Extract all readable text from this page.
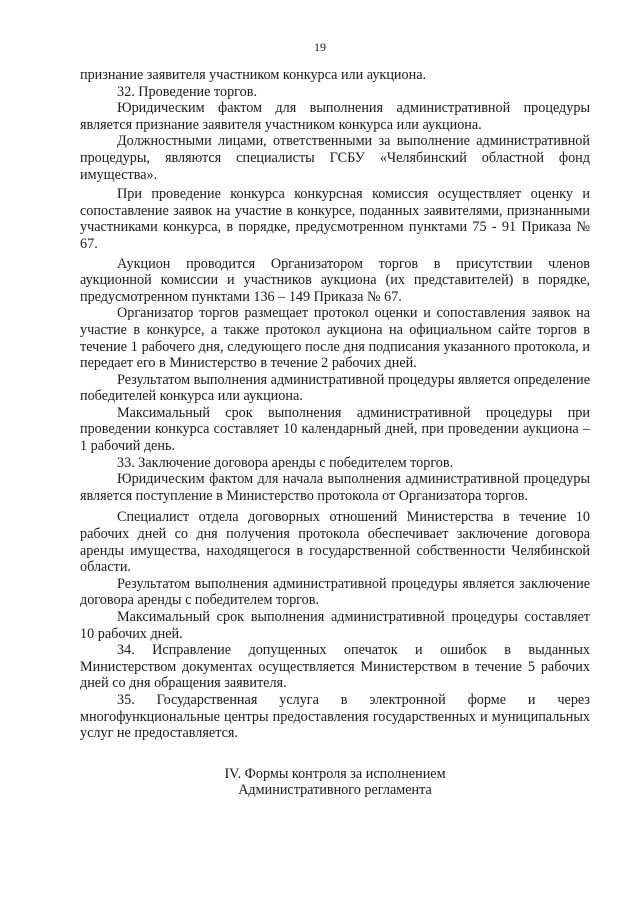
19

признание заявителя участником конкурса или аукциона.

32. Проведение торгов.

Юридическим фактом для выполнения административной процедуры является признание заявителя участником конкурса или аукциона.

Должностными лицами, ответственными за выполнение административной процедуры, являются специалисты ГСБУ «Челябинский областной фонд имущества».

При проведение конкурса конкурсная комиссия осуществляет оценку и сопоставление заявок на участие в конкурсе, поданных заявителями, признанными участниками конкурса, в порядке, предусмотренном пунктами 75 - 91 Приказа № 67.

Аукцион проводится Организатором торгов в присутствии членов аукционной комиссии и участников аукциона (их представителей) в порядке, предусмотренном пунктами 136 – 149 Приказа № 67.

Организатор торгов размещает протокол оценки и сопоставления заявок на участие в конкурсе, а также протокол аукциона на официальном сайте торгов в течение 1 рабочего дня, следующего после дня подписания указанного протокола, и передает его в Министерство в течение 2 рабочих дней.

Результатом выполнения административной процедуры является определение победителей конкурса или аукциона.

Максимальный срок выполнения административной процедуры при проведении конкурса составляет 10 календарный дней, при проведении аукциона – 1 рабочий день.

33. Заключение договора аренды с победителем торгов.

Юридическим фактом для начала выполнения административной процедуры является поступление в Министерство протокола от Организатора торгов.

Специалист отдела договорных отношений Министерства в течение 10 рабочих дней со дня получения протокола обеспечивает заключение договора аренды имущества, находящегося в государственной собственности Челябинской области.

Результатом выполнения административной процедуры является заключение договора аренды с победителем торгов.

Максимальный срок выполнения административной процедуры составляет 10 рабочих дней.

34. Исправление допущенных опечаток и ошибок в выданных Министерством документах осуществляется Министерством в течение 5 рабочих дней со дня обращения заявителя.

35. Государственная услуга в электронной форме и через многофункциональные центры предоставления государственных и муниципальных услуг не предоставляется.

IV. Формы контроля за исполнением
Административного регламента
